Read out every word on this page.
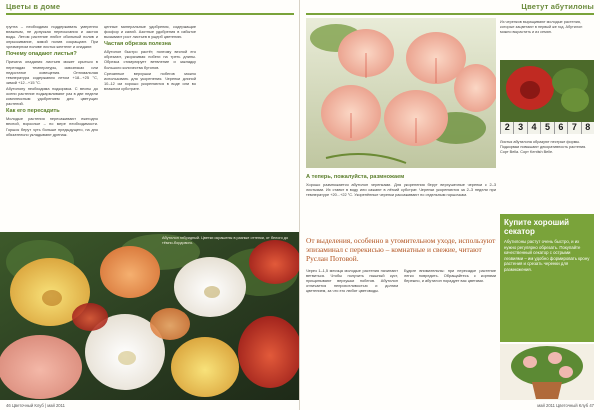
Цветы в доме
грунта – необходимо поддерживать умеренно влажным, не допуская пересыхания и застоя воды. Летом растение любит обильный полив и опрыскивание, зимой полив сокращают. При чрезмерном поливе листья желтеют и опадают.
Почему опадают листья?
Причина опадания листьев может крыться в перепадах температуры, сквозняках или недостатке освещения. Оптимальная температура содержания летом +18...+25 °С, зимой +12...+15 °С.
Абутилону необходима подкормка. С весны до осени растение подкармливают раз в две недели комплексным удобрением для цветущих растений.
Как его пересадить
Молодые растения пересаживают ежегодно весной, взрослые – по мере необходимости. Горшок берут чуть больше предыдущего, на дно обязательно укладывают дренаж.
ценные минеральные удобрения, содержащие фосфор и калий. Азотные удобрения в избытке вызывают рост листьев в ущерб цветению.
Частая обрезка полезна
Абутилон быстро растёт, поэтому весной его обрезают, укорачивая побеги на треть длины. Обрезка стимулирует ветвление и закладку большого количества бутонов.
Срезанные верхушки побегов можно использовать для укоренения. Черенки длиной 10–12 см хорошо укореняются в воде или во влажном субстрате.
Абутилон гибридный. Цветки окрашены в разные оттенки, от белого до тёмно-бордового.
46 Цветочный Клуб | май 2011
Цветут абутилоны
Из черенков выращивают молодые растения, которые зацветают в первый же год. Абутилон можно вырастить и из семян.
2 3 4 5 6 7 8
Листья абутилона образуют пестрые формы. Подкормки повышают декоративность растения. Сорт Bella. Сорт Kentish Belle.
А теперь, пожалуйста, размножаем
Хорошо размножается абутилон черенками. Для укоренения берут верхушечные черенки с 2–3 листьями. Их ставят в воду или сажают в лёгкий субстрат. Черенки укореняются за 2–3 недели при температуре +20...+22 °С. Укоренённые черенки рассаживают по отдельным горшочкам.
От выделения, особенно в утомительном уходе, используют эпизаминал с перекисью – комнатные и свежие, читают Руслан Потовой.
Через 1–1,5 месяца молодые растения начинают ветвиться. Чтобы получить пышный куст, прищипывают верхушки побегов. Абутилон отличается неприхотливостью и долгим цветением, за что его любят цветоводы.
Будьте внимательны: при пересадке растение легко повредить. Обращайтесь с корнями бережно, и абутилон порадует вас цветами.
Купите хороший секатор
Абутилоны растут очень быстро, и их нужно регулярно обрезать. Покупайте качественный секатор с острыми лезвиями – им удобно формировать крону растения и срезать черенки для размножения.
май 2011 Цветочный Клуб 47
